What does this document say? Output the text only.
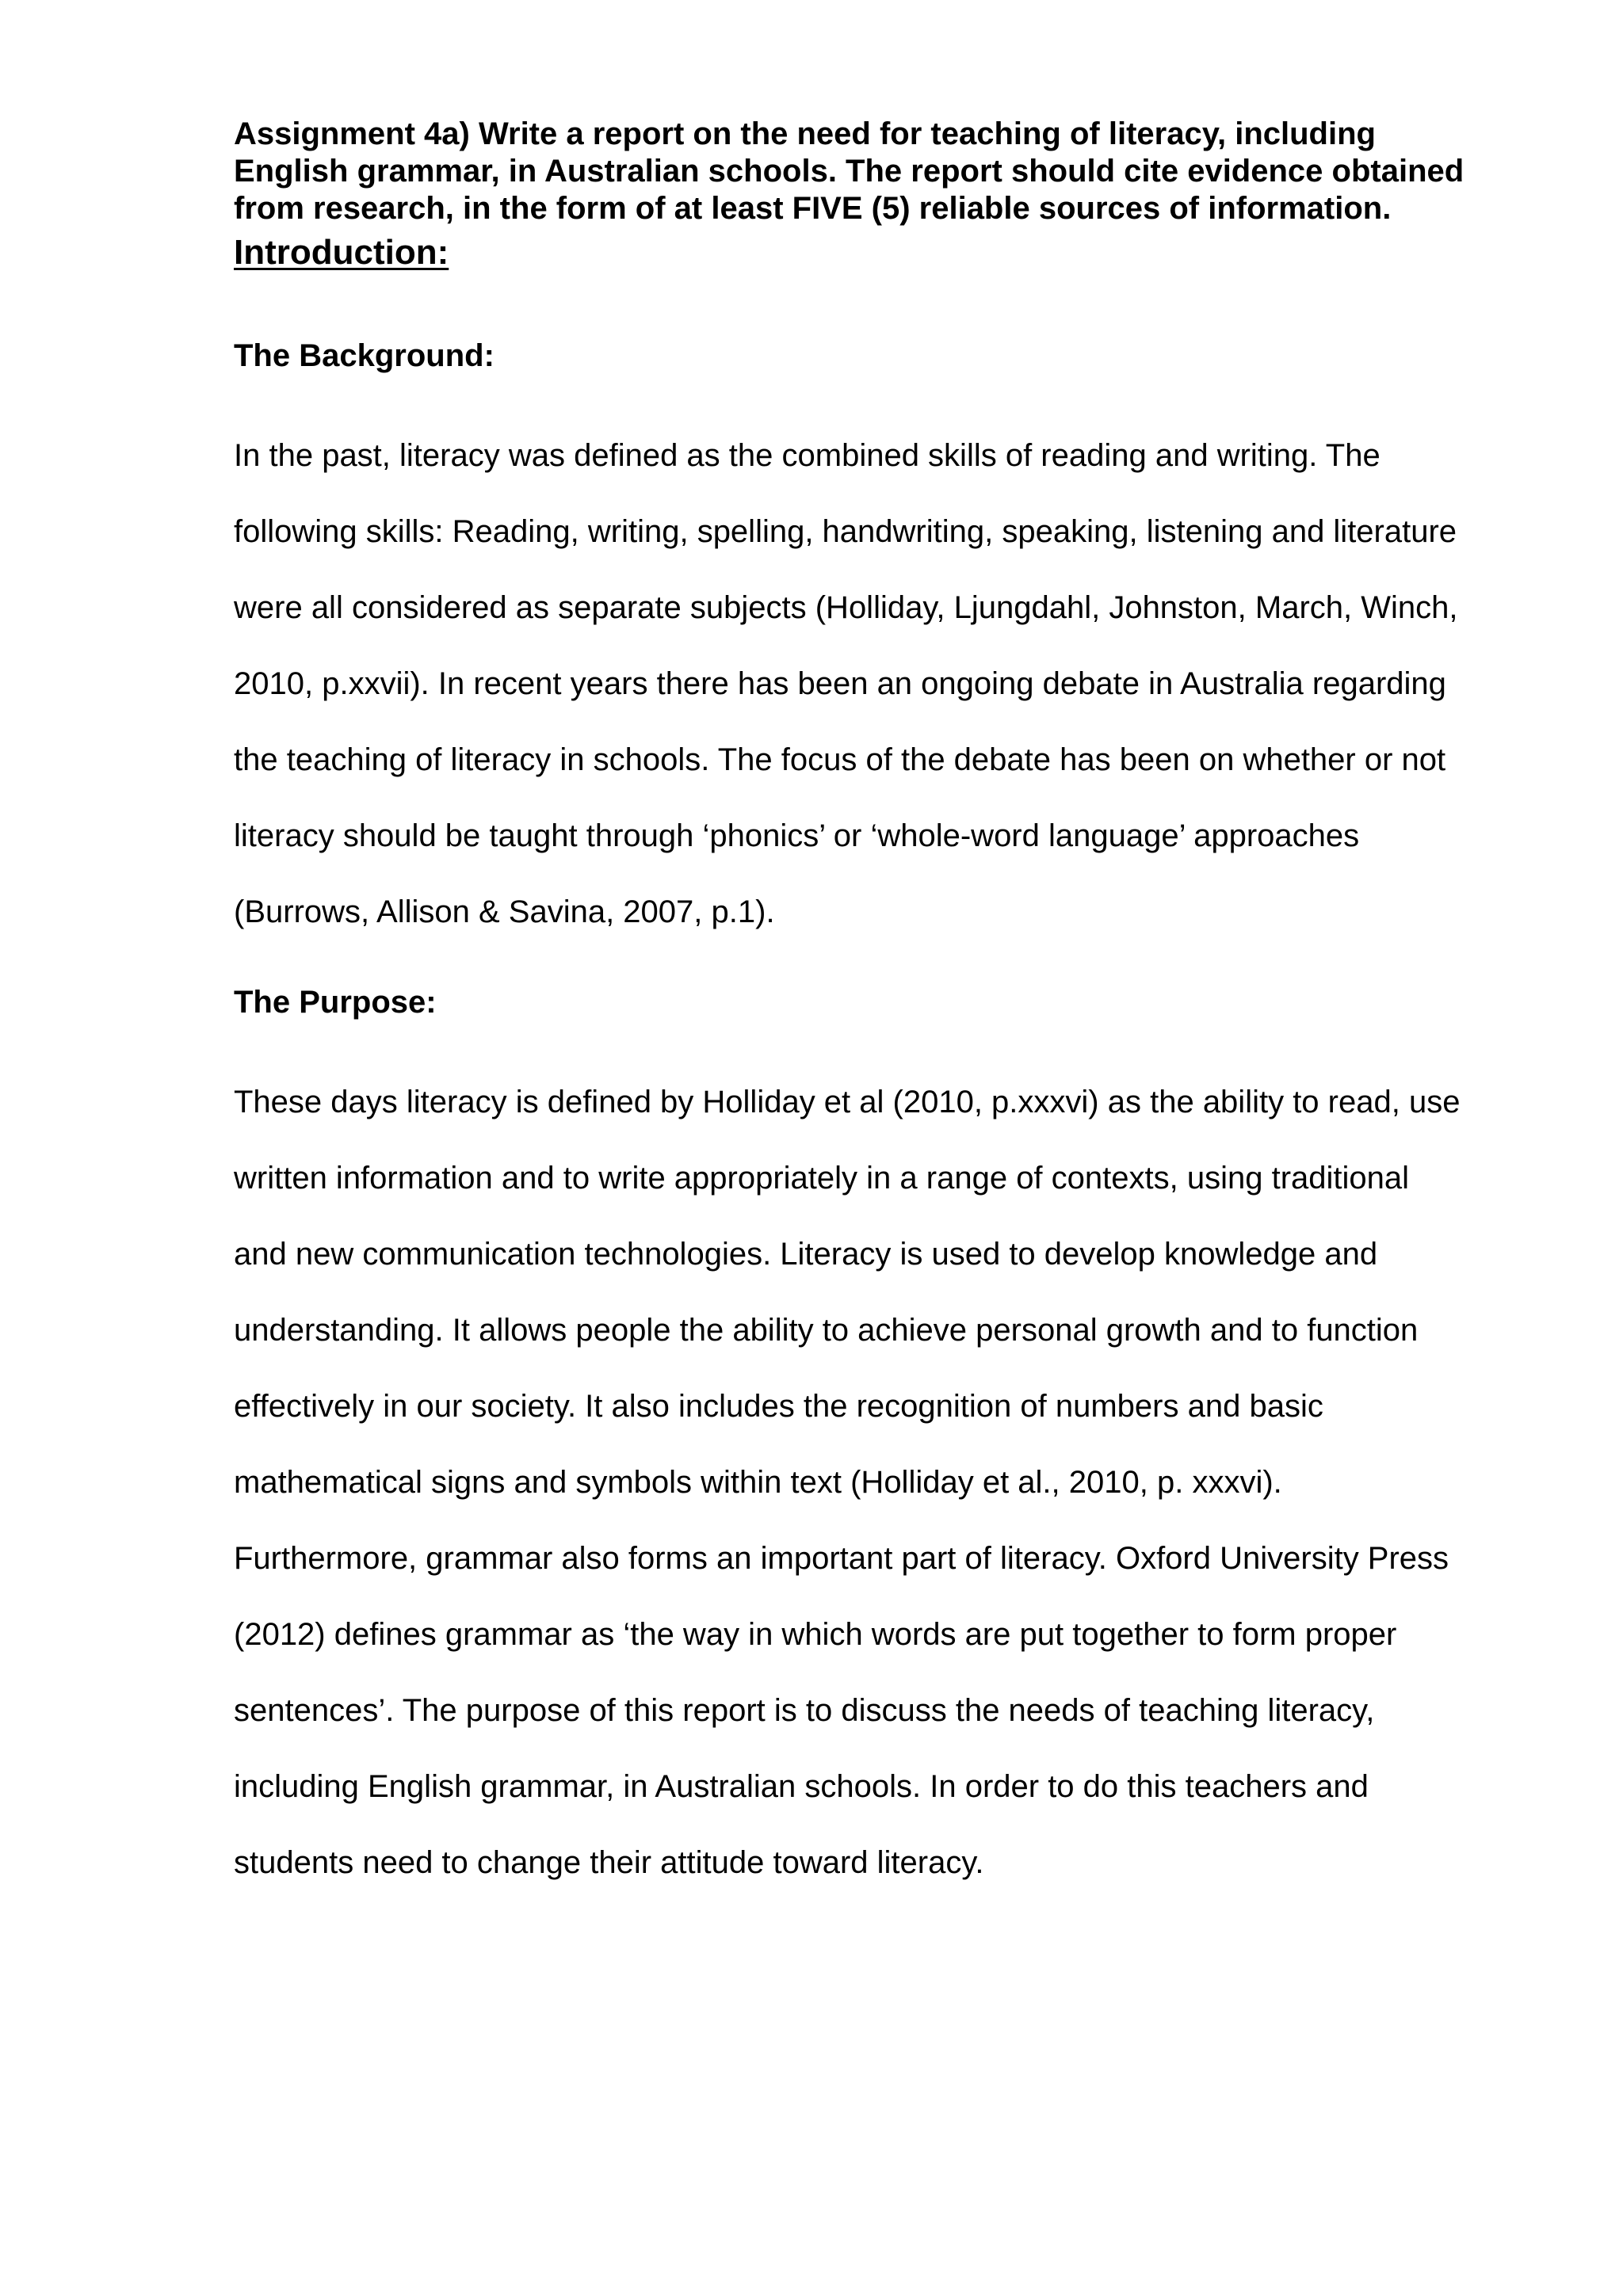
Assignment 4a) Write a report on the need for teaching of literacy, including
English grammar, in Australian schools. The report should cite evidence obtained
from research, in the form of at least FIVE (5) reliable sources of information.
Introduction:
The Background:

In the past, literacy was defined as the combined skills of reading and writing. The
following skills: Reading, writing, spelling, handwriting, speaking, listening and literature
were all considered as separate subjects (Holliday, Ljungdahl, Johnston, March, Winch,
2010, p.xxvii). In recent years there has been an ongoing debate in Australia regarding
the teaching of literacy in schools. The focus of the debate has been on whether or not
literacy should be taught through ‘phonics’ or ‘whole-word language’ approaches
(Burrows, Allison & Savina, 2007, p.1).

The Purpose:

These days literacy is defined by Holliday et al (2010, p.xxxvi) as the ability to read, use
written information and to write appropriately in a range of contexts, using traditional
and new communication technologies. Literacy is used to develop knowledge and
understanding. It allows people the ability to achieve personal growth and to function
effectively in our society. It also includes the recognition of numbers and basic
mathematical signs and symbols within text (Holliday et al., 2010, p. xxxvi).
Furthermore, grammar also forms an important part of literacy. Oxford University Press
(2012) defines grammar as ‘the way in which words are put together to form proper
sentences’. The purpose of this report is to discuss the needs of teaching literacy,
including English grammar, in Australian schools. In order to do this teachers and
students need to change their attitude toward literacy.
